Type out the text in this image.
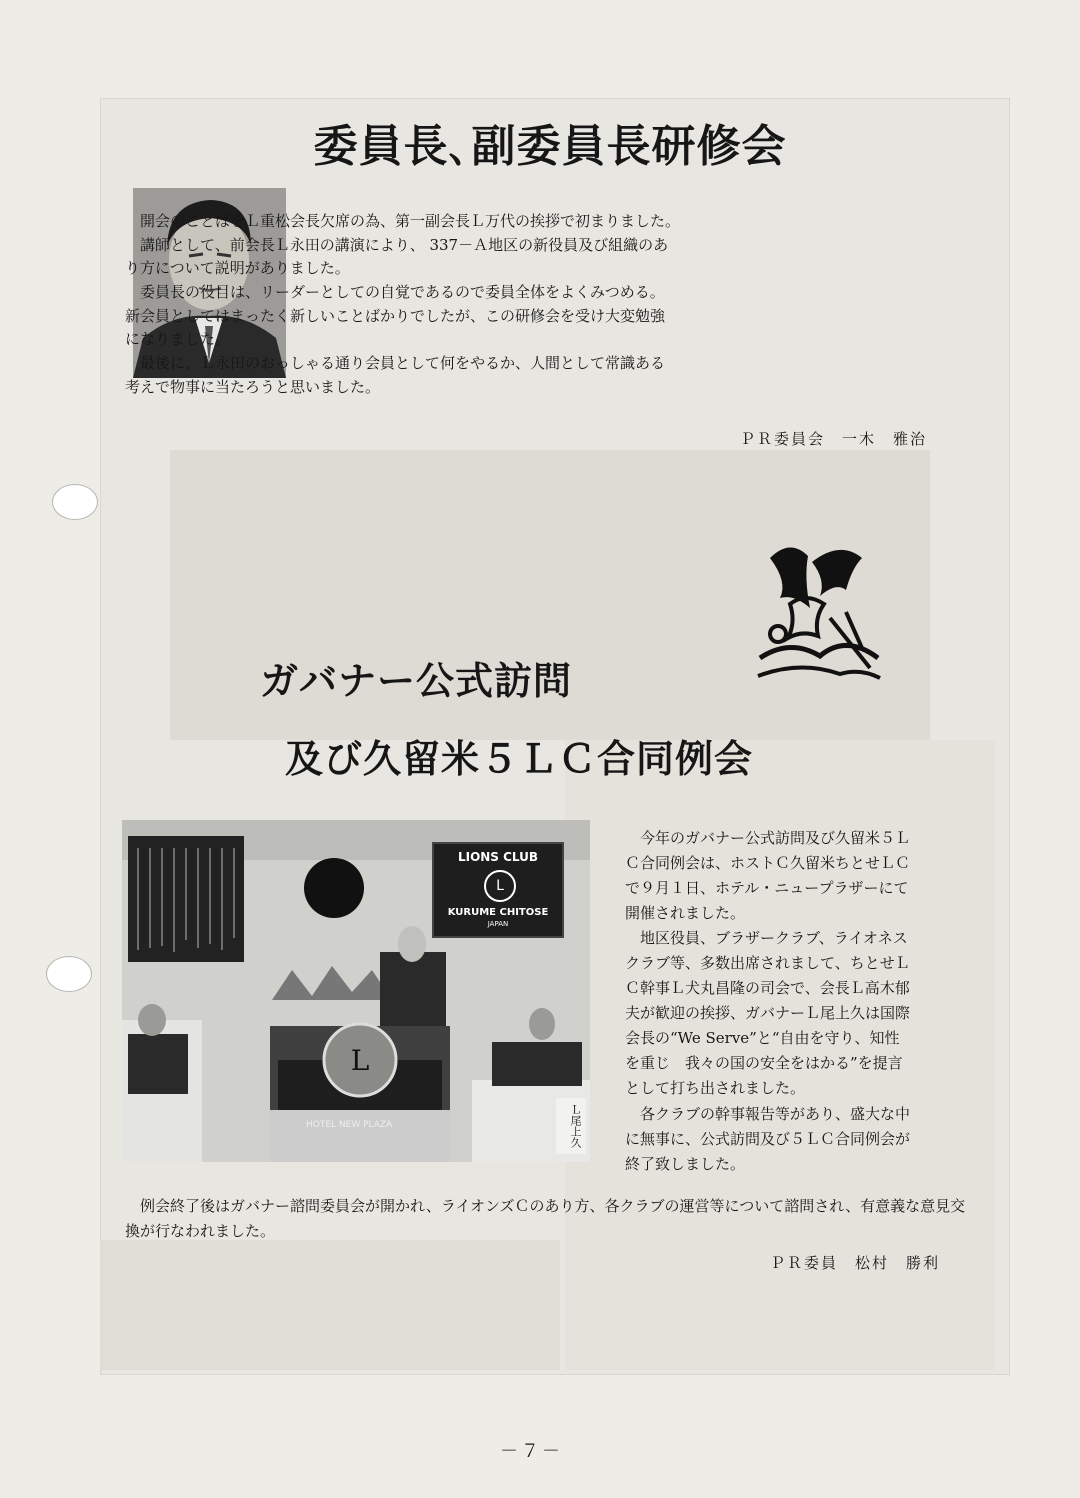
委員長､副委員長研修会

開会のことばをＬ重松会長欠席の為、第一副会長Ｌ万代の挨拶で初まりました。

講師として、前会長Ｌ永田の講演により、 337－Ａ地区の新役員及び組織のあ

り方について説明がありました。

委員長の役目は、リーダーとしての自覚であるので委員全体をよくみつめる。

新会員としてはまったく新しいことばかりでしたが、この研修会を受け大変勉強

になりました。

最後に、Ｌ永田のおっしゃる通り会員として何をやるか、人間として常識ある

考えで物事に当たろうと思いました。

ＰＲ委員会　一木　雅治
ガバナー公式訪問
及び久留米５ＬＣ合同例会
L
LIONS CLUB
L
KURUME CHITOSE
JAPAN
HOTEL NEW PLAZA	Ｌ尾上久

今年のガバナー公式訪問及び久留米５Ｌ

Ｃ合同例会は、ホストＣ久留米ちとせＬＣ

で９月１日、ホテル・ニュープラザーにて

開催されました。

地区役員、ブラザークラブ、ライオネス

クラブ等、多数出席されまして、ちとせＬ

Ｃ幹事Ｌ犬丸昌隆の司会で、会長Ｌ高木郁

夫が歓迎の挨拶、ガバナーＬ尾上久は国際

会長の“We Serve”と“自由を守り、知性

を重じ　我々の国の安全をはかる”を提言

として打ち出されました。

各クラブの幹事報告等があり、盛大な中

に無事に、公式訪問及び５ＬＣ合同例会が

終了致しました。

例会終了後はガバナー諮問委員会が開かれ、ライオンズＣのあり方、各クラブの運営等について諮問され、有意義な意見交換が行なわれました。

ＰＲ委員　松村　勝利
－７－
